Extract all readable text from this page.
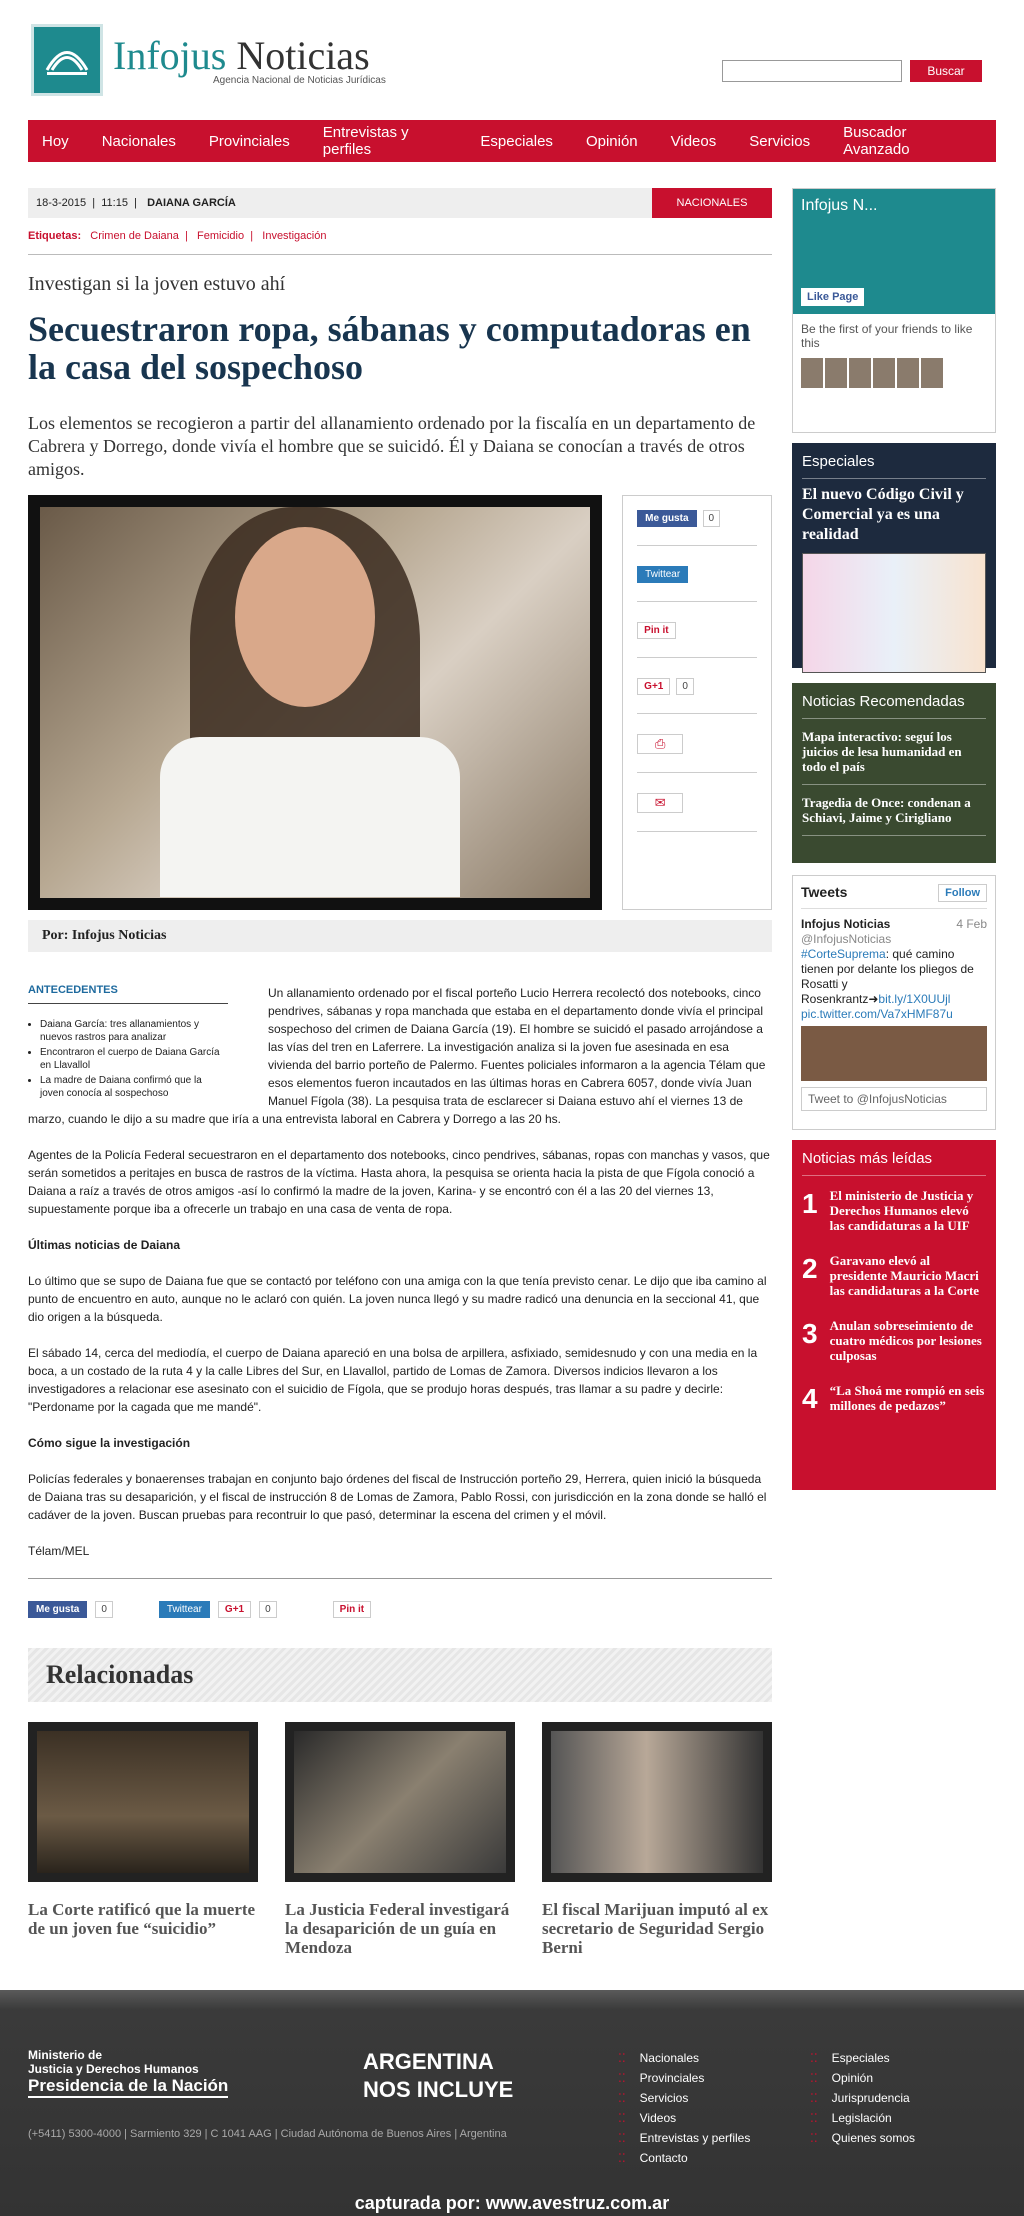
Infojus Noticias
Agencia Nacional de Noticias Jurídicas
Buscar
Hoy Nacionales Provinciales Entrevistas y perfiles	Especiales Opinión Videos Servicios Buscador Avanzado
18-3-2015 | 11:15 | DAIANA GARCÍA	NACIONALES
Etiquetas: Crimen de Daiana  |   Femicidio  |   Investigación
Investigan si la joven estuvo ahí
Secuestraron ropa, sábanas y computadoras en la casa del sospechoso
Los elementos se recogieron a partir del allanamiento ordenado por la fiscalía en un departamento de Cabrera y Dorrego, donde vivía el hombre que se suicidó. Él y Daiana se conocían a través de otros amigos.
Me gusta	0
Twittear
Pin it
G+1	0
⎙
✉
Por: Infojus Noticias
ANTECEDENTES
• Daiana García: tres allanamientos y nuevos rastros para analizar
• Encontraron el cuerpo de Daiana García en Llavallol
• La madre de Daiana confirmó que la joven conocía al sospechoso

Un allanamiento ordenado por el fiscal porteño Lucio Herrera recolectó dos notebooks, cinco pendrives, sábanas y ropa manchada que estaba en el departamento donde vivía el principal sospechoso del crimen de Daiana García (19). El hombre se suicidó el pasado arrojándose a las vías del tren en Laferrere. La investigación analiza si la joven fue asesinada en esa vivienda del barrio porteño de Palermo. Fuentes policiales informaron a la agencia Télam que esos elementos fueron incautados en las últimas horas en Cabrera 6057, donde vivía Juan Manuel Fígola (38). La pesquisa trata de esclarecer si Daiana estuvo ahí el viernes 13 de marzo, cuando le dijo a su madre que iría a una entrevista laboral en Cabrera y Dorrego a las 20 hs.

Agentes de la Policía Federal secuestraron en el departamento dos notebooks, cinco pendrives, sábanas, ropas con manchas y vasos, que serán sometidos a peritajes en busca de rastros de la víctima. Hasta ahora, la pesquisa se orienta hacia la pista de que Fígola conoció a Daiana a raíz a través de otros amigos -así lo confirmó la madre de la joven, Karina- y se encontró con él a las 20 del viernes 13, supuestamente porque iba a ofrecerle un trabajo en una casa de venta de ropa.

Últimas noticias de Daiana

Lo último que se supo de Daiana fue que se contactó por teléfono con una amiga con la que tenía previsto cenar. Le dijo que iba camino al punto de encuentro en auto, aunque no le aclaró con quién. La joven nunca llegó y su madre radicó una denuncia en la seccional 41, que dio origen a la búsqueda.

El sábado 14, cerca del mediodía, el cuerpo de Daiana apareció en una bolsa de arpillera, asfixiado, semidesnudo y con una media en la boca, a un costado de la ruta 4 y la calle Libres del Sur, en Llavallol, partido de Lomas de Zamora. Diversos indicios llevaron a los investigadores a relacionar ese asesinato con el suicidio de Fígola, que se produjo horas después, tras llamar a su padre y decirle: "Perdoname por la cagada que me mandé".

Cómo sigue la investigación

Policías federales y bonaerenses trabajan en conjunto bajo órdenes del fiscal de Instrucción porteño 29, Herrera, quien inició la búsqueda de Daiana tras su desaparición, y el fiscal de instrucción 8 de Lomas de Zamora, Pablo Rossi, con jurisdicción en la zona donde se halló el cadáver de la joven. Buscan pruebas para recontruir lo que pasó, determinar la escena del crimen y el móvil.

Télam/MEL

Me gusta	0	Twittear	G+1	0	Pin it
Relacionadas
La Corte ratificó que la muerte de un joven fue “suicidio”
La Justicia Federal investigará la desaparición de un guía en Mendoza
El fiscal Marijuan imputó al ex secretario de Seguridad Sergio Berni
Infojus N...
Like Page
Be the first of your friends to like this
Especiales
El nuevo Código Civil y Comercial ya es una realidad
Noticias Recomendadas
Mapa interactivo: seguí los juicios de lesa humanidad en todo el país
Tragedia de Once: condenan a Schiavi, Jaime y Cirigliano
Tweets	Follow
Infojus Noticias	4 Feb
@InfojusNoticias
#CorteSuprema: qué camino tienen por delante los pliegos de Rosatti y Rosenkrantz➜bit.ly/1X0UUjl pic.twitter.com/Va7xHMF87u
Tweet to @InfojusNoticias
Noticias más leídas
1 El ministerio de Justicia y Derechos Humanos elevó las candidaturas a la UIF
2 Garavano elevó al presidente Mauricio Macri las candidaturas a la Corte
3 Anulan sobreseimiento de cuatro médicos por lesiones culposas
4 “La Shoá me rompió en seis millones de pedazos”
Ministerio de
Justicia y Derechos Humanos
Presidencia de la Nación
ARGENTINA
NOS INCLUYE
⁚⁚ Nacionales
⁚⁚ Provinciales
⁚⁚ Servicios
⁚⁚ Videos
⁚⁚ Entrevistas y perfiles
⁚⁚ Contacto
⁚⁚ Especiales
⁚⁚ Opinión
⁚⁚ Jurisprudencia
⁚⁚ Legislación
⁚⁚ Quienes somos
(+5411) 5300-4000 | Sarmiento 329 | C 1041 AAG | Ciudad Autónoma de Buenos Aires | Argentina
capturada por: www.avestruz.com.ar
